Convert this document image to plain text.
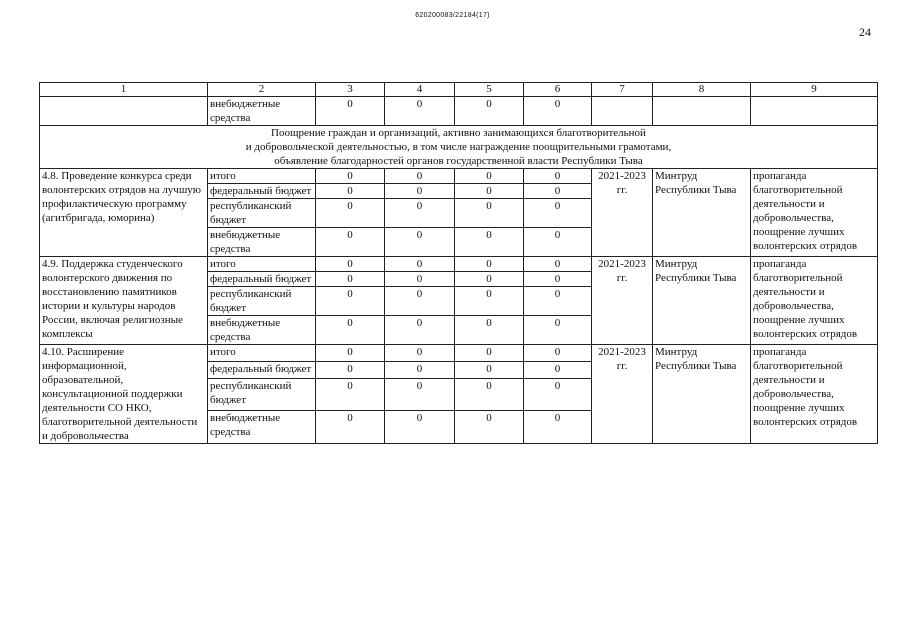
620200083/22184(17)
24
1	2	3	4	5	6	7	8	9
	внебюджетные средства	0	0	0	0			

Поощрение граждан и организаций, активно занимающихся благотворительной
и добровольческой деятельностью, в том числе награждение поощрительными грамотами,
объявление благодарностей органов государственной власти Республики Тыва								

4.8. Проведение конкурса среди волонтерских отрядов на лучшую профилактическую программу (агитбригада, юморина)	итого	0	0	0	0	2021-2023 гг.	Минтруд Республики Тыва	пропаганда благотворительной деятельности и добровольчества, поощрение лучших волонтерских отрядов
	федеральный бюджет	0	0	0	0			
	республиканский бюджет	0	0	0	0			
	внебюджетные средства	0	0	0	0			
4.9. Поддержка студенческого волонтерского движения по восстановлению памятников истории и культуры народов России, включая религиозные комплексы	итого	0	0	0	0	2021-2023 гг.	Минтруд Республики Тыва	пропаганда благотворительной деятельности и добровольчества, поощрение лучших волонтерских отрядов
	федеральный бюджет	0	0	0	0			
	республиканский бюджет	0	0	0	0			
	внебюджетные средства	0	0	0	0			
4.10. Расширение информационной, образовательной, консультационной поддержки деятельности СО НКО, благотворительной деятельности и добровольчества	итого	0	0	0	0	2021-2023 гг.	Минтруд Республики Тыва	пропаганда благотворительной деятельности и добровольчества, поощрение лучших волонтерских отрядов
	федеральный бюджет	0	0	0	0			
	республиканский бюджет	0	0	0	0			
	внебюджетные средства	0	0	0	0			
